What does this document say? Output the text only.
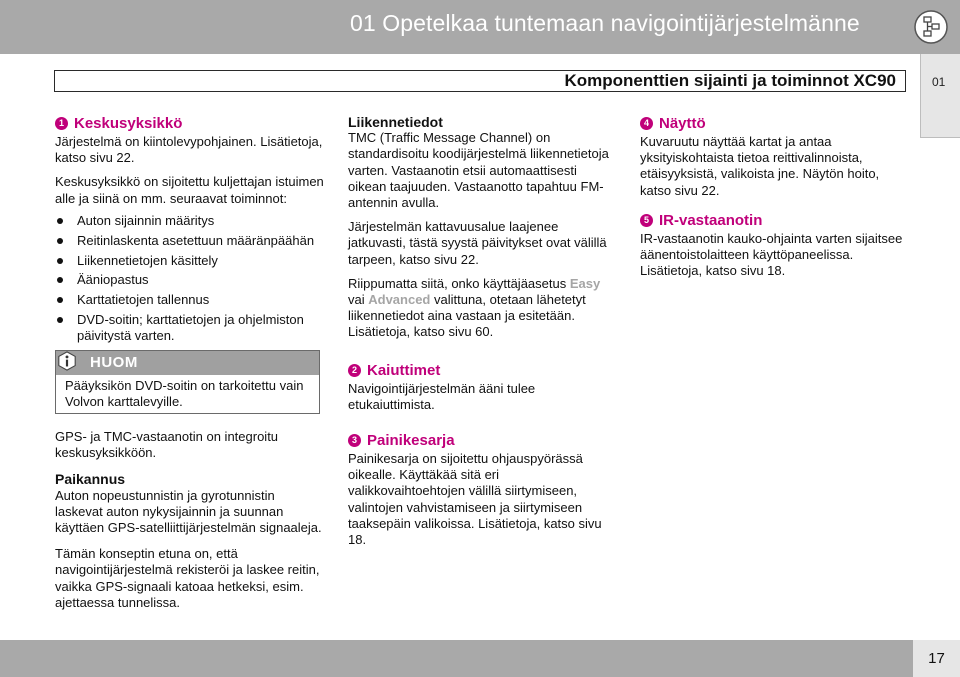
01 Opetelkaa tuntemaan navigointijärjestelmänne
01
Komponenttien sijainti ja toiminnot XC90
1 Keskusyksikkö

Järjestelmä on kiintolevypohjainen. Lisätietoja, katso sivu 22.

Keskusyksikkö on sijoitettu kuljettajan istuimen alle ja siinä on mm. seuraavat toiminnot:

Auton sijainnin määritys
Reitinlaskenta asetettuun määränpäähän
Liikennetietojen käsittely
Ääniopastus
Karttatietojen tallennus
DVD-soitin; karttatietojen ja ohjelmiston päivitystä varten.
HUOM
Pääyksikön DVD-soitin on tarkoitettu vain Volvon karttalevyille.

GPS- ja TMC-vastaanotin on integroitu keskusyksikköön.

Paikannus

Auton nopeustunnistin ja gyrotunnistin laskevat auton nykysijainnin ja suunnan käyttäen GPS-satelliittijärjestelmän signaaleja.

Tämän konseptin etuna on, että navigointijärjestelmä rekisteröi ja laskee reitin, vaikka GPS-signaali katoaa hetkeksi, esim. ajettaessa tunnelissa.

Liikennetiedot

TMC (Traffic Message Channel) on standardisoitu koodijärjestelmä liikennetietoja varten. Vastaanotin etsii automaattisesti oikean taajuuden. Vastaanotto tapahtuu FM-antennin avulla.

Järjestelmän kattavuusalue laajenee jatkuvasti, tästä syystä päivitykset ovat välillä tarpeen, katso sivu 22.

Riippumatta siitä, onko käyttäjäasetus Easy vai Advanced valittuna, otetaan lähetetyt liikennetiedot aina vastaan ja esitetään. Lisätietoja, katso sivu 60.

2 Kaiuttimet

Navigointijärjestelmän ääni tulee etukaiuttimista.

3 Painikesarja

Painikesarja on sijoitettu ohjauspyörässä oikealle. Käyttäkää sitä eri valikkovaihtoehtojen välillä siirtymiseen, valintojen vahvistamiseen ja siirtymiseen taaksepäin valikoissa. Lisätietoja, katso sivu 18.

4 Näyttö

Kuvaruutu näyttää kartat ja antaa yksityiskohtaista tietoa reittivalinnoista, etäisyyksistä, valikoista jne. Näytön hoito, katso sivu 22.

5 IR-vastaanotin

IR-vastaanotin kauko-ohjainta varten sijaitsee äänentoistolaitteen käyttöpaneelissa. Lisätietoja, katso sivu 18.

17
